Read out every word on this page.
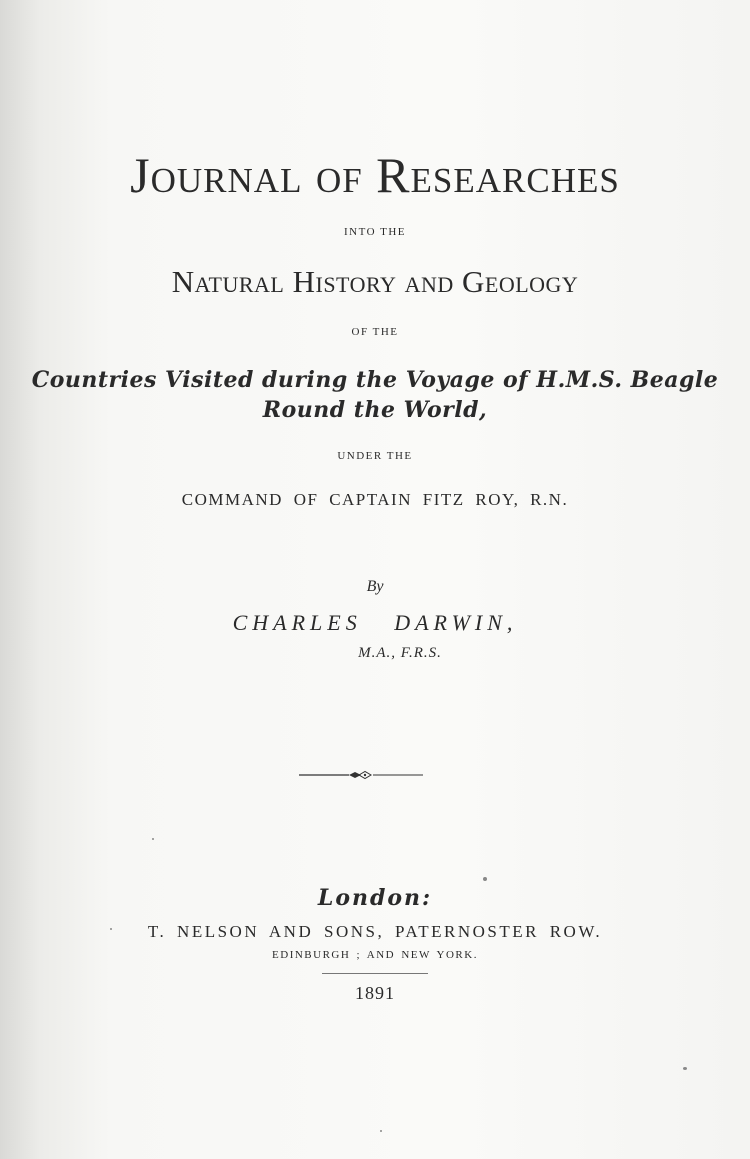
Journal of Researches
INTO THE
Natural History and Geology
OF THE
Countries Visited during the Voyage of H.M.S. Beagle
Round the World,
UNDER THE
COMMAND OF CAPTAIN FITZ ROY, R.N.
By
CHARLES DARWIN,
M.A., F.R.S.
London:
T. NELSON AND SONS, PATERNOSTER ROW.
EDINBURGH ; AND NEW YORK.
1891
